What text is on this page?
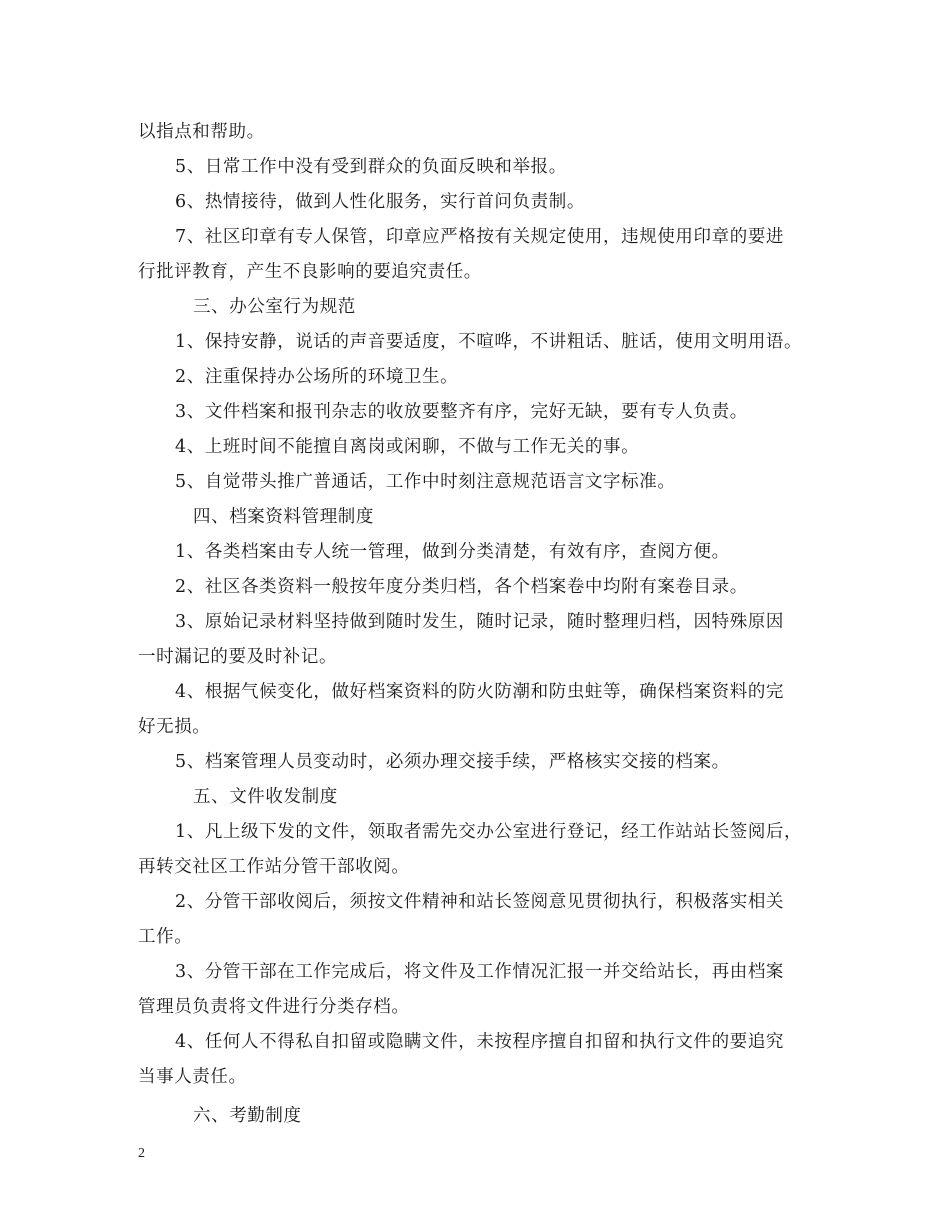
以指点和帮助。
5、日常工作中没有受到群众的负面反映和举报。
6、热情接待，做到人性化服务，实行首问负责制。
7、社区印章有专人保管，印章应严格按有关规定使用，违规使用印章的要进
行批评教育，产生不良影响的要追究责任。
三、办公室行为规范
1、保持安静，说话的声音要适度，不喧哗，不讲粗话、脏话，使用文明用语。
2、注重保持办公场所的环境卫生。
3、文件档案和报刊杂志的收放要整齐有序，完好无缺，要有专人负责。
4、上班时间不能擅自离岗或闲聊，不做与工作无关的事。
5、自觉带头推广普通话，工作中时刻注意规范语言文字标准。
四、档案资料管理制度
1、各类档案由专人统一管理，做到分类清楚，有效有序，查阅方便。
2、社区各类资料一般按年度分类归档，各个档案卷中均附有案卷目录。
3、原始记录材料坚持做到随时发生，随时记录，随时整理归档，因特殊原因
一时漏记的要及时补记。
4、根据气候变化，做好档案资料的防火防潮和防虫蛀等，确保档案资料的完
好无损。
5、档案管理人员变动时，必须办理交接手续，严格核实交接的档案。
五、文件收发制度
1、凡上级下发的文件，领取者需先交办公室进行登记，经工作站站长签阅后，
再转交社区工作站分管干部收阅。
2、分管干部收阅后，须按文件精神和站长签阅意见贯彻执行，积极落实相关
工作。
3、分管干部在工作完成后，将文件及工作情况汇报一并交给站长，再由档案
管理员负责将文件进行分类存档。
4、任何人不得私自扣留或隐瞒文件，未按程序擅自扣留和执行文件的要追究
当事人责任。
六、考勤制度
2
